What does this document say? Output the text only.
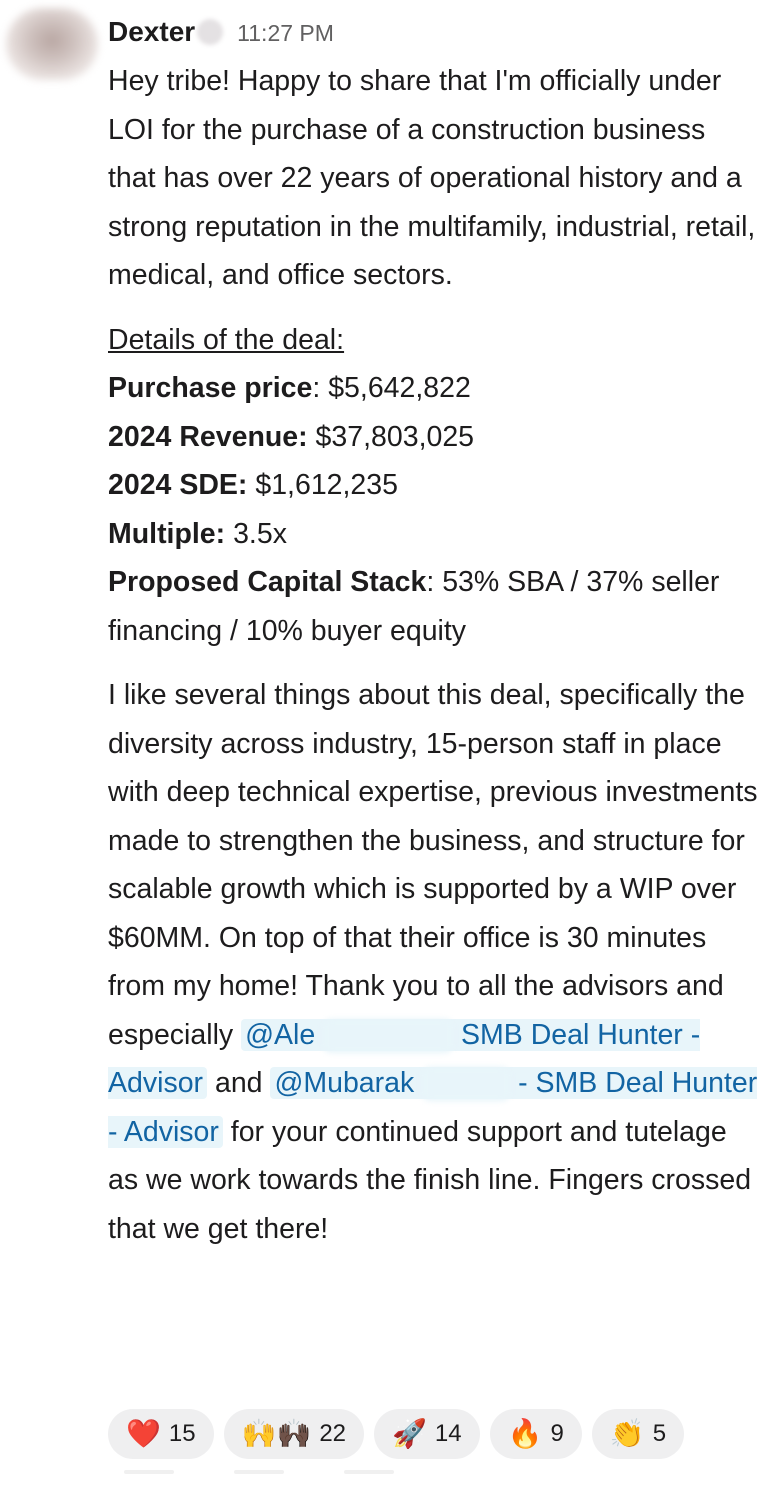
Dexter 11:27 PM

Hey tribe! Happy to share that I'm officially under LOI for the purchase of a construction business that has over 22 years of operational history and a strong reputation in the multifamily, industrial, retail, medical, and office sectors.

Details of the deal:
Purchase price: $5,642,822
2024 Revenue: $37,803,025
2024 SDE: $1,612,235
Multiple: 3.5x
Proposed Capital Stack: 53% SBA / 37% seller financing / 10% buyer equity

I like several things about this deal, specifically the diversity across industry, 15-person staff in place with deep technical expertise, previous investments made to strengthen the business, and structure for scalable growth which is supported by a WIP over $60MM. On top of that their office is 30 minutes from my home! Thank you to all the advisors and especially @Ale	SMB Deal Hunter - Advisor and @Mubarak	- SMB Deal Hunter - Advisor for your continued support and tutelage as we work towards the finish line. Fingers crossed that we get there!

❤️ 15 🙌🙌🏿 22 🚀 14 🔥 9 👏 5
